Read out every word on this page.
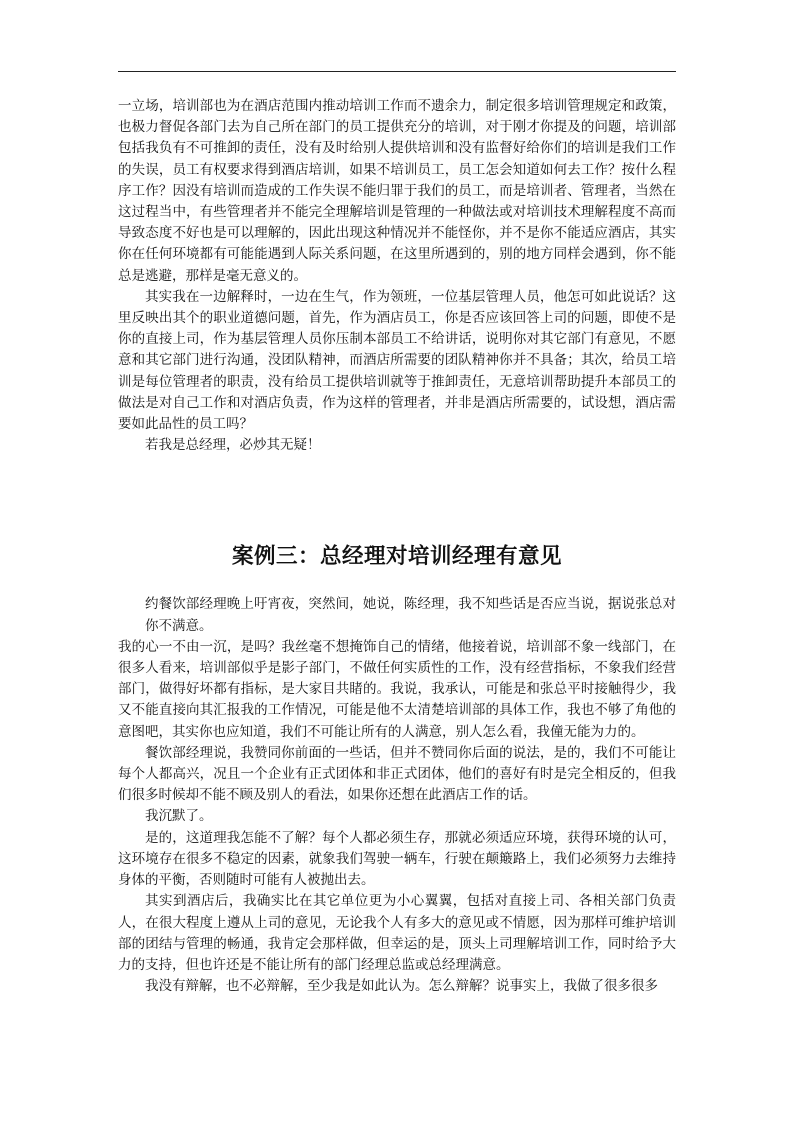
一立场，培训部也为在酒店范围内推动培训工作而不遗余力，制定很多培训管理规定和政策，也极力督促各部门去为自己所在部门的员工提供充分的培训，对于刚才你提及的问题，培训部包括我负有不可推卸的责任，没有及时给别人提供培训和没有监督好给你们的培训是我们工作的失误，员工有权要求得到酒店培训，如果不培训员工，员工怎会知道如何去工作？按什么程序工作？因没有培训而造成的工作失误不能归罪于我们的员工，而是培训者、管理者，当然在这过程当中，有些管理者并不能完全理解培训是管理的一种做法或对培训技术理解程度不高而导致态度不好也是可以理解的，因此出现这种情况并不能怪你，并不是你不能适应酒店，其实你在任何环境都有可能能遇到人际关系问题，在这里所遇到的，别的地方同样会遇到，你不能总是逃避，那样是毫无意义的。

其实我在一边解释时，一边在生气，作为领班，一位基层管理人员，他怎可如此说话？这里反映出其个的职业道德问题，首先，作为酒店员工，你是否应该回答上司的问题，即使不是你的直接上司，作为基层管理人员你压制本部员工不给讲话，说明你对其它部门有意见，不愿意和其它部门进行沟通，没团队精神，而酒店所需要的团队精神你并不具备；其次，给员工培训是每位管理者的职责，没有给员工提供培训就等于推卸责任，无意培训帮助提升本部员工的做法是对自己工作和对酒店负责，作为这样的管理者，并非是酒店所需要的，试设想，酒店需要如此品性的员工吗？

若我是总经理，必炒其无疑！

案例三：总经理对培训经理有意见

约餐饮部经理晚上吁宵夜，突然间，她说，陈经理，我不知些话是否应当说，据说张总对你不满意。

我的心一不由一沉，是吗？我丝毫不想掩饰自己的情绪，他接着说，培训部不象一线部门，在很多人看来，培训部似乎是影子部门，不做任何实质性的工作，没有经营指标，不象我们经营部门，做得好坏都有指标，是大家目共睹的。我说，我承认，可能是和张总平时接触得少，我又不能直接向其汇报我的工作情况，可能是他不太清楚培训部的具体工作，我也不够了角他的意图吧，其实你也应知道，我们不可能让所有的人满意，别人怎么看，我僮无能为力的。

餐饮部经理说，我赞同你前面的一些话，但并不赞同你后面的说法，是的，我们不可能让每个人都高兴，况且一个企业有正式团体和非正式团体，他们的喜好有时是完全相反的，但我们很多时候却不能不顾及别人的看法，如果你还想在此酒店工作的话。

我沉默了。

是的，这道理我怎能不了解？每个人都必须生存，那就必须适应环境，获得环境的认可，这环境存在很多不稳定的因素，就象我们驾驶一辆车，行驶在颠簸路上，我们必须努力去维持身体的平衡，否则随时可能有人被抛出去。

其实到酒店后，我确实比在其它单位更为小心翼翼，包括对直接上司、各相关部门负责人，在很大程度上遵从上司的意见，无论我个人有多大的意见或不情愿，因为那样可维护培训部的团结与管理的畅通，我肯定会那样做，但幸运的是，顶头上司理解培训工作，同时给予大力的支持，但也许还是不能让所有的部门经理总监或总经理满意。

我没有辩解，也不必辩解，至少我是如此认为。怎么辩解？说事实上，我做了很多很多
